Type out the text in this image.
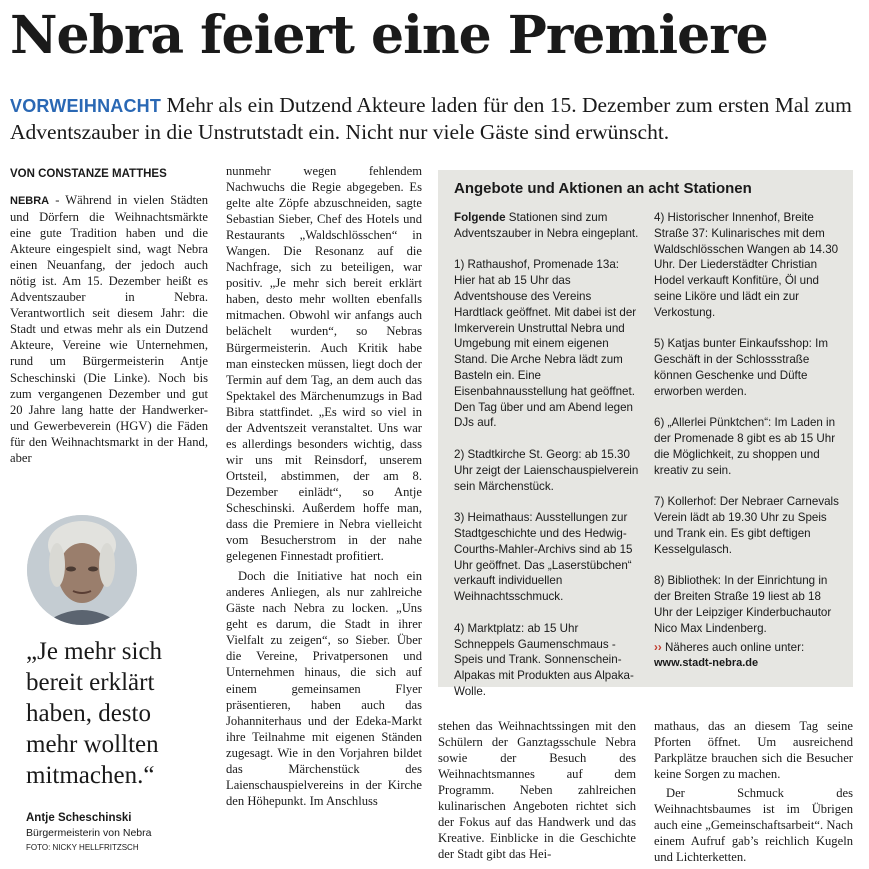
Nebra feiert eine Premiere
VORWEIHNACHT Mehr als ein Dutzend Akteure laden für den 15. Dezember zum ersten Mal zum Adventszauber in die Unstrutstadt ein. Nicht nur viele Gäste sind erwünscht.
VON CONSTANZE MATTHES

NEBRA - Während in vielen Städten und Dörfern die Weihnachtsmärkte eine gute Tradition haben und die Akteure eingespielt sind, wagt Nebra einen Neuanfang, der jedoch auch nötig ist. Am 15. Dezember heißt es Adventszauber in Nebra. Verantwortlich seit diesem Jahr: die Stadt und etwas mehr als ein Dutzend Akteure, Vereine wie Unternehmen, rund um Bürgermeisterin Antje Scheschinski (Die Linke). Noch bis zum vergangenen Dezember und gut 20 Jahre lang hatte der Handwerker- und Gewerbeverein (HGV) die Fäden für den Weihnachtsmarkt in der Hand, aber

„Je mehr sich bereit erklärt haben, desto mehr wollten mitmachen.“
Antje Scheschinski
Bürgermeisterin von Nebra
FOTO: NICKY HELLFRITZSCH

nunmehr wegen fehlendem Nachwuchs die Regie abgegeben. Es gelte alte Zöpfe abzuschneiden, sagte Sebastian Sieber, Chef des Hotels und Restaurants „Waldschlösschen“ in Wangen. Die Resonanz auf die Nachfrage, sich zu beteiligen, war positiv. „Je mehr sich bereit erklärt haben, desto mehr wollten ebenfalls mitmachen. Obwohl wir anfangs auch belächelt wurden“, so Nebras Bürgermeisterin. Auch Kritik habe man einstecken müssen, liegt doch der Termin auf dem Tag, an dem auch das Spektakel des Märchenumzugs in Bad Bibra stattfindet. „Es wird so viel in der Adventszeit veranstaltet. Uns war es allerdings besonders wichtig, dass wir uns mit Reinsdorf, unserem Ortsteil, abstimmen, der am 8. Dezember einlädt“, so Antje Scheschinski. Außerdem hoffe man, dass die Premiere in Nebra vielleicht vom Besucherstrom in der nahe gelegenen Finnestadt profitiert.

Doch die Initiative hat noch ein anderes Anliegen, als nur zahlreiche Gäste nach Nebra zu locken. „Uns geht es darum, die Stadt in ihrer Vielfalt zu zeigen“, so Sieber. Über die Vereine, Privatpersonen und Unternehmen hinaus, die sich auf einem gemeinsamen Flyer präsentieren, haben auch das Johanniterhaus und der Edeka-Markt ihre Teilnahme mit eigenen Ständen zugesagt. Wie in den Vorjahren bildet das Märchenstück des Laienschauspielvereins in der Kirche den Höhepunkt. Im Anschluss

Angebote und Aktionen an acht Stationen

Folgende Stationen sind zum Adventszauber in Nebra eingeplant.

1) Rathaushof, Promenade 13a: Hier hat ab 15 Uhr das Adventshouse des Vereins Hardtlack geöffnet. Mit dabei ist der Imkerverein Unstruttal Nebra und Umgebung mit einem eigenen Stand. Die Arche Nebra lädt zum Basteln ein. Eine Eisenbahnausstellung hat geöffnet. Den Tag über und am Abend legen DJs auf.

2) Stadtkirche St. Georg: ab 15.30 Uhr zeigt der Laienschauspielverein sein Märchenstück.

3) Heimathaus: Ausstellungen zur Stadtgeschichte und des Hedwig-Courths-Mahler-Archivs sind ab 15 Uhr geöffnet. Das „Laserstübchen“ verkauft individuellen Weihnachtsschmuck.

4) Marktplatz: ab 15 Uhr Schneppels Gaumenschmaus - Speis und Trank. Sonnenschein-Alpakas mit Produkten aus Alpaka-Wolle.

4) Historischer Innenhof, Breite Straße 37: Kulinarisches mit dem Waldschlösschen Wangen ab 14.30 Uhr. Der Liederstädter Christian Hodel verkauft Konfitüre, Öl und seine Liköre und lädt ein zur Verkostung.

5) Katjas bunter Einkaufsshop: Im Geschäft in der Schlossstraße können Geschenke und Düfte erworben werden.

6) „Allerlei Pünktchen“: Im Laden in der Promenade 8 gibt es ab 15 Uhr die Möglichkeit, zu shoppen und kreativ zu sein.

7) Kollerhof: Der Nebraer Carnevals Verein lädt ab 19.30 Uhr zu Speis und Trank ein. Es gibt deftigen Kesselgulasch.

8) Bibliothek: In der Einrichtung in der Breiten Straße 19 liest ab 18 Uhr der Leipziger Kinderbuchautor Nico Max Lindenberg.

›› Näheres auch online unter:
www.stadt-nebra.de

stehen das Weihnachtssingen mit den Schülern der Ganztagsschule Nebra sowie der Besuch des Weihnachtsmannes auf dem Programm. Neben zahlreichen kulinarischen Angeboten richtet sich der Fokus auf das Handwerk und das Kreative. Einblicke in die Geschichte der Stadt gibt das Hei-

mathaus, das an diesem Tag seine Pforten öffnet. Um ausreichend Parkplätze brauchen sich die Besucher keine Sorgen zu machen.

Der Schmuck des Weihnachtsbaumes ist im Übrigen auch eine „Gemeinschaftsarbeit“. Nach einem Aufruf gab’s reichlich Kugeln und Lichterketten.
